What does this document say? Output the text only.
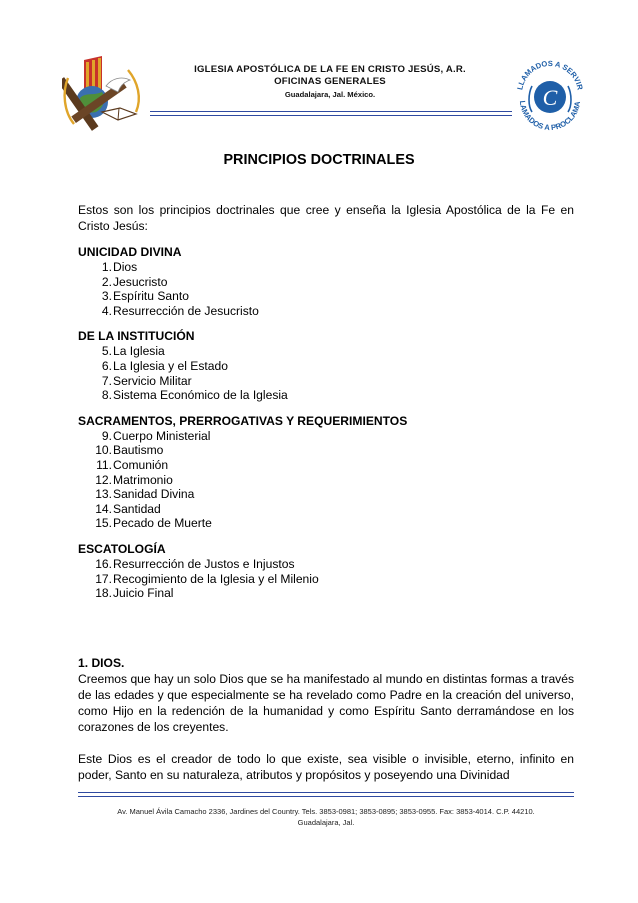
IGLESIA APOSTÓLICA DE LA FE EN CRISTO JESÚS, A.R.
OFICINAS GENERALES
Guadalajara, Jal. México.
LLAMADOS A SERVIR
LAMADOS A PROCLAMA
C
PRINCIPIOS DOCTRINALES

Estos son los principios doctrinales que cree y enseña la Iglesia Apostólica de la Fe en Cristo Jesús:

UNICIDAD DIVINA
1. Dios
2. Jesucristo
3. Espíritu Santo
4. Resurrección de Jesucristo
DE LA INSTITUCIÓN
5. La Iglesia
6. La Iglesia y el Estado
7. Servicio Militar
8. Sistema Económico de la Iglesia
SACRAMENTOS, PRERROGATIVAS Y REQUERIMIENTOS
9. Cuerpo Ministerial
10. Bautismo
11. Comunión
12. Matrimonio
13. Sanidad Divina
14. Santidad
15. Pecado de Muerte
ESCATOLOGÍA
16. Resurrección de Justos e Injustos
17. Recogimiento de la Iglesia y el Milenio
18. Juicio Final
1. DIOS.

Creemos que hay un solo Dios que se ha manifestado al mundo en distintas formas a través de las edades y que especialmente se ha revelado como Padre en la creación del universo, como Hijo en la redención de la humanidad y como Espíritu Santo derramándose en los corazones de los creyentes.

Este Dios es el creador de todo lo que existe, sea visible o invisible, eterno, infinito en poder, Santo en su naturaleza, atributos y propósitos y poseyendo una Divinidad

Av. Manuel Ávila Camacho 2336, Jardines del Country. Tels. 3853-0981; 3853-0895; 3853-0955. Fax: 3853-4014. C.P. 44210.
Guadalajara, Jal.
